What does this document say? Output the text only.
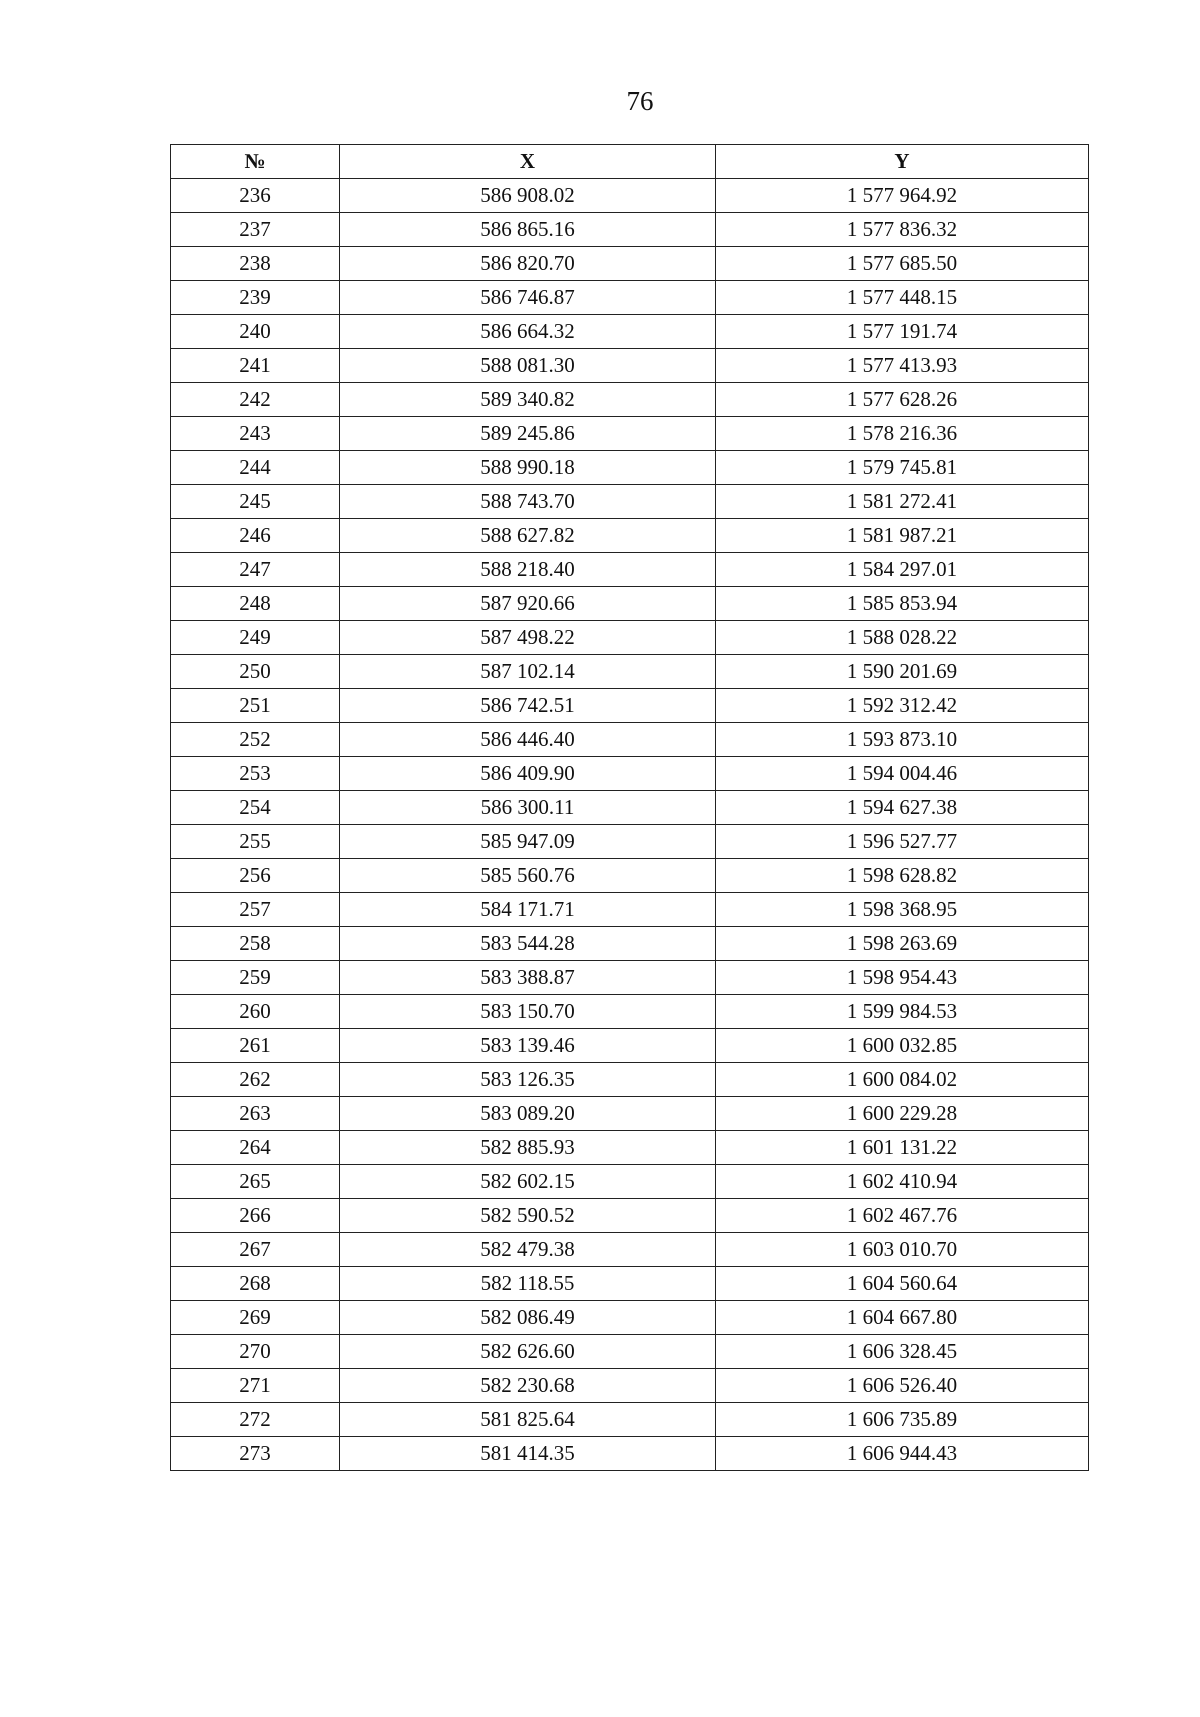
76
№	X	Y
236	586 908.02	1 577 964.92
237	586 865.16	1 577 836.32
238	586 820.70	1 577 685.50
239	586 746.87	1 577 448.15
240	586 664.32	1 577 191.74
241	588 081.30	1 577 413.93
242	589 340.82	1 577 628.26
243	589 245.86	1 578 216.36
244	588 990.18	1 579 745.81
245	588 743.70	1 581 272.41
246	588 627.82	1 581 987.21
247	588 218.40	1 584 297.01
248	587 920.66	1 585 853.94
249	587 498.22	1 588 028.22
250	587 102.14	1 590 201.69
251	586 742.51	1 592 312.42
252	586 446.40	1 593 873.10
253	586 409.90	1 594 004.46
254	586 300.11	1 594 627.38
255	585 947.09	1 596 527.77
256	585 560.76	1 598 628.82
257	584 171.71	1 598 368.95
258	583 544.28	1 598 263.69
259	583 388.87	1 598 954.43
260	583 150.70	1 599 984.53
261	583 139.46	1 600 032.85
262	583 126.35	1 600 084.02
263	583 089.20	1 600 229.28
264	582 885.93	1 601 131.22
265	582 602.15	1 602 410.94
266	582 590.52	1 602 467.76
267	582 479.38	1 603 010.70
268	582 118.55	1 604 560.64
269	582 086.49	1 604 667.80
270	582 626.60	1 606 328.45
271	582 230.68	1 606 526.40
272	581 825.64	1 606 735.89
273	581 414.35	1 606 944.43
